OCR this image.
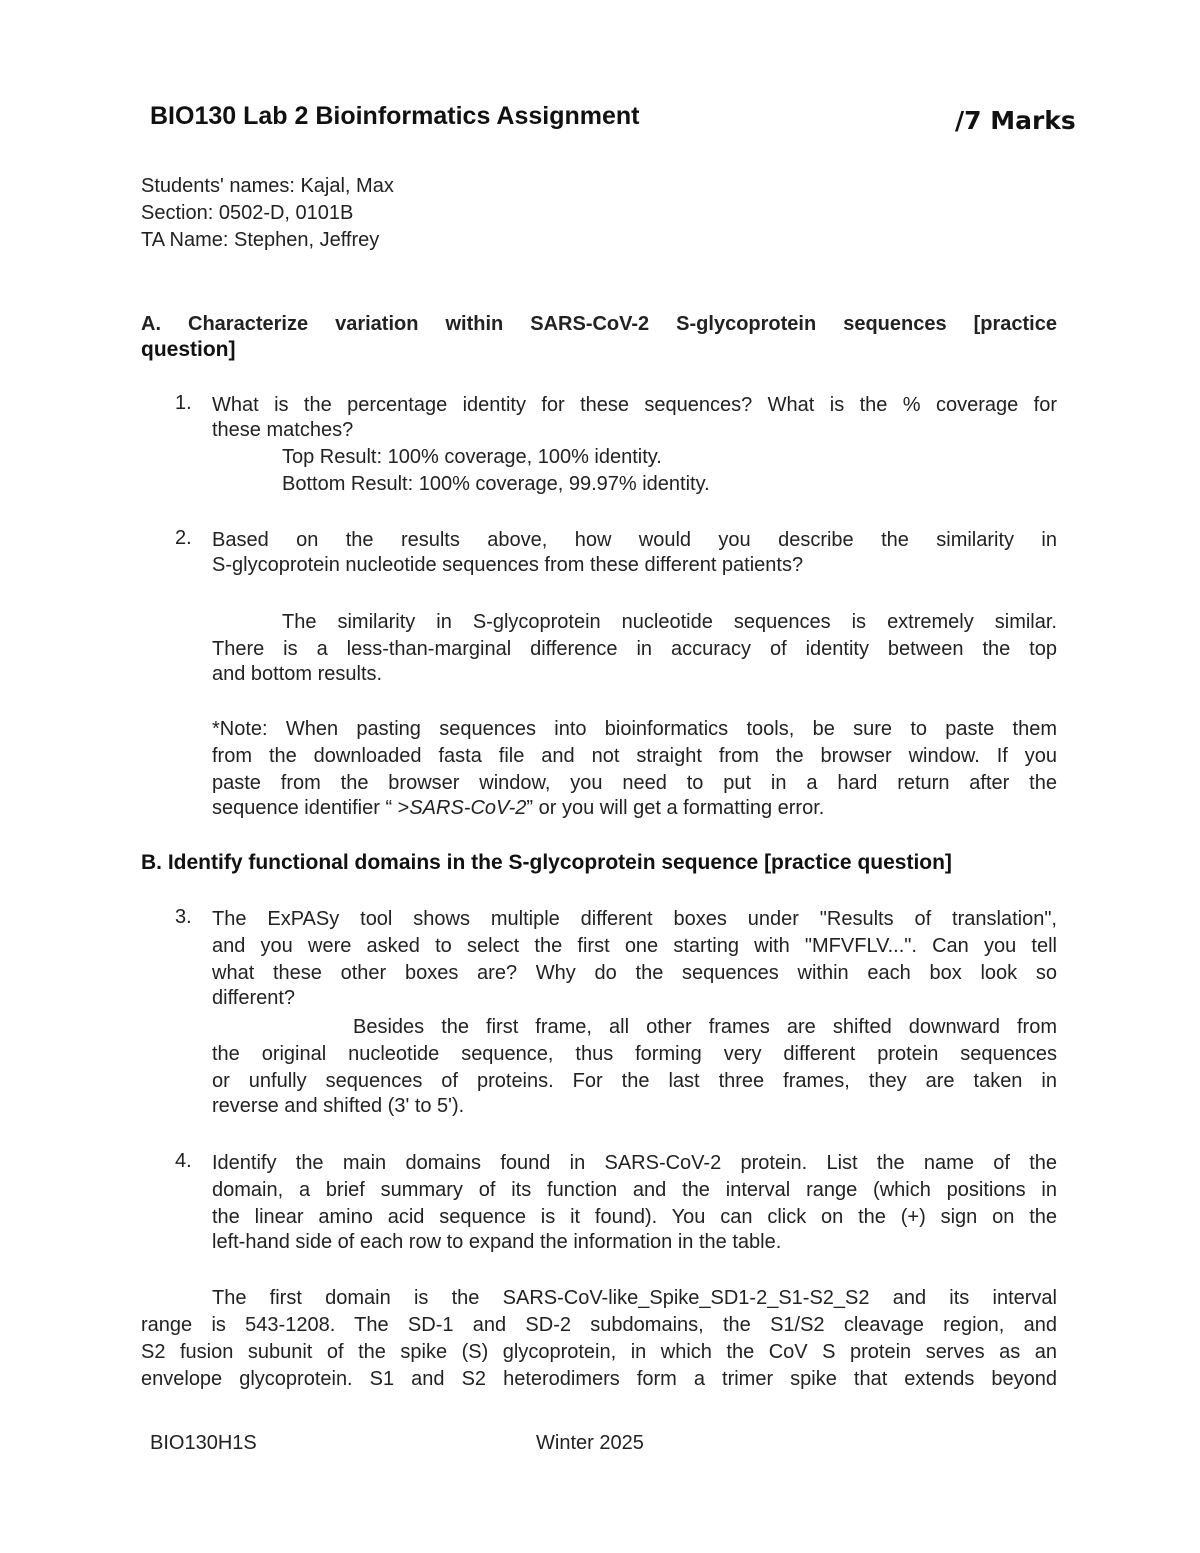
BIO130 Lab 2 Bioinformatics Assignment	/7 Marks
Students' names: Kajal, Max
Section: 0502-D, 0101B
TA Name: Stephen, Jeffrey
A. Characterize variation within SARS-CoV-2 S-glycoprotein sequences [practice
question]
1. What is the percentage identity for these sequences? What is the % coverage for
these matches?
Top Result: 100% coverage, 100% identity.
Bottom Result: 100% coverage, 99.97% identity.
2. Based on the results above, how would you describe the similarity in
S-glycoprotein nucleotide sequences from these different patients?
The similarity in S-glycoprotein nucleotide sequences is extremely similar.
There is a less-than-marginal difference in accuracy of identity between the top
and bottom results.
*Note: When pasting sequences into bioinformatics tools, be sure to paste them
from the downloaded fasta file and not straight from the browser window. If you
paste from the browser window, you need to put in a hard return after the
sequence identifier “ >SARS-CoV-2” or you will get a formatting error.
B. Identify functional domains in the S-glycoprotein sequence [practice question]
3. The ExPASy tool shows multiple different boxes under "Results of translation",
and you were asked to select the first one starting with "MFVFLV...". Can you tell
what these other boxes are? Why do the sequences within each box look so
different?
Besides the first frame, all other frames are shifted downward from
the original nucleotide sequence, thus forming very different protein sequences
or unfully sequences of proteins. For the last three frames, they are taken in
reverse and shifted (3' to 5').
4. Identify the main domains found in SARS-CoV-2 protein. List the name of the
domain, a brief summary of its function and the interval range (which positions in
the linear amino acid sequence is it found). You can click on the (+) sign on the
left-hand side of each row to expand the information in the table.
The first domain is the SARS-CoV-like_Spike_SD1-2_S1-S2_S2 and its interval
range is 543-1208. The SD-1 and SD-2 subdomains, the S1/S2 cleavage region, and
S2 fusion subunit of the spike (S) glycoprotein, in which the CoV S protein serves as an
envelope glycoprotein. S1 and S2 heterodimers form a trimer spike that extends beyond
BIO130H1S	Winter 2025
